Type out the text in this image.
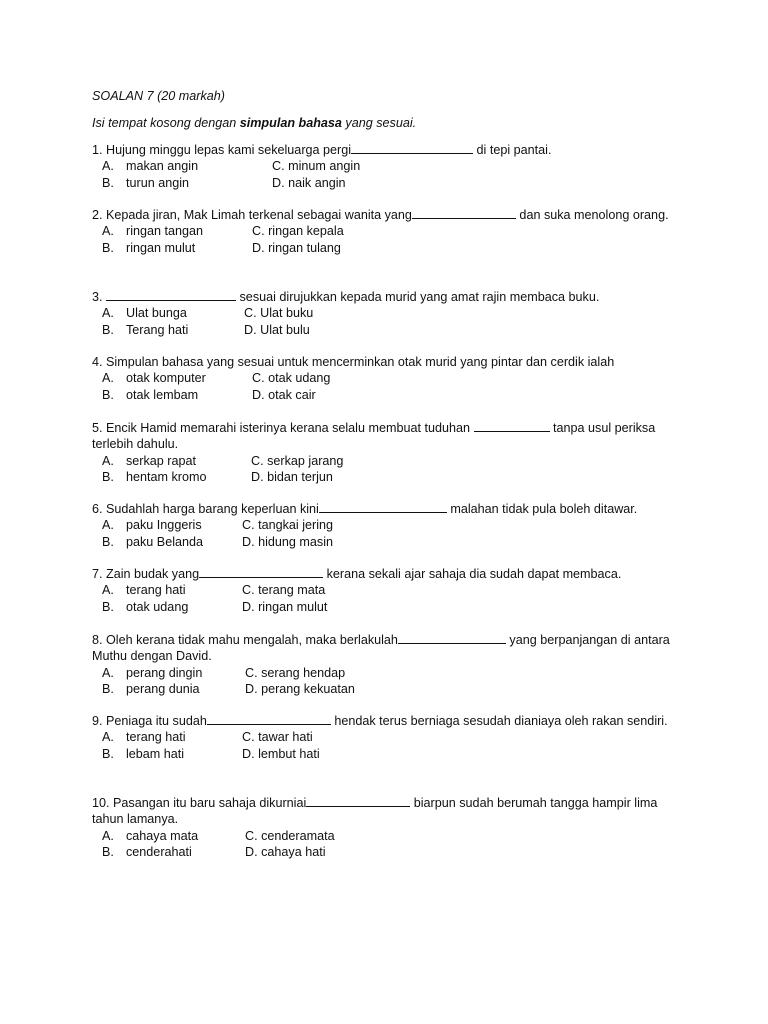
SOALAN 7 (20 markah)
Isi tempat kosong dengan simpulan bahasa yang sesuai.
1. Hujung minggu lepas kami sekeluarga pergi	di tepi pantai.
A. makan angin	C. minum angin
B. turun angin	D. naik angin
2. Kepada jiran, Mak Limah terkenal sebagai wanita yang	dan suka menolong orang.
A. ringan tangan	C. ringan kepala
B. ringan mulut	D. ringan tulang
3.	sesuai dirujukkan kepada murid yang amat rajin membaca buku.
A. Ulat bunga	C. Ulat buku
B. Terang hati	D. Ulat bulu
4. Simpulan bahasa yang sesuai untuk mencerminkan otak murid yang pintar dan cerdik ialah
A. otak komputer	C. otak udang
B. otak lembam	D. otak cair
5. Encik Hamid memarahi isterinya kerana selalu membuat tuduhan	tanpa usul periksa terlebih dahulu.
A. serkap rapat	C. serkap jarang
B. hentam kromo	D. bidan terjun
6. Sudahlah harga barang keperluan kini	malahan tidak pula boleh ditawar.
A. paku Inggeris	C. tangkai jering
B. paku Belanda	D. hidung masin
7. Zain budak yang	kerana sekali ajar sahaja dia sudah dapat membaca.
A. terang hati	C. terang mata
B. otak udang	D. ringan mulut
8. Oleh kerana tidak mahu mengalah, maka berlakulah	yang berpanjangan di antara Muthu dengan David.
A. perang dingin	C. serang hendap
B. perang dunia	D. perang kekuatan
9. Peniaga itu sudah	hendak terus berniaga sesudah dianiaya oleh rakan sendiri.
A. terang hati	C. tawar hati
B. lebam hati	D. lembut hati
10. Pasangan itu baru sahaja dikurniai	biarpun sudah berumah tangga hampir lima tahun lamanya.
A. cahaya mata	C. cenderamata
B. cenderahati	D. cahaya hati
